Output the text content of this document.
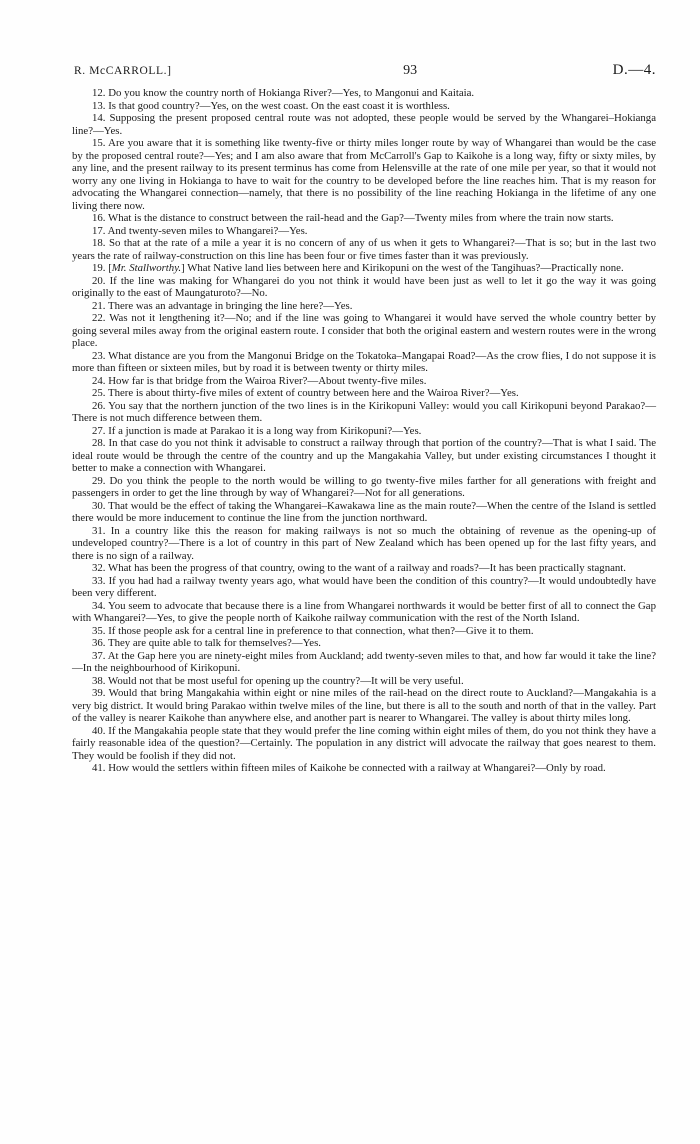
R. McCARROLL.]	93	D.—4.

12. Do you know the country north of Hokianga River?—Yes, to Mangonui and Kaitaia.

13. Is that good country?—Yes, on the west coast. On the east coast it is worthless.

14. Supposing the present proposed central route was not adopted, these people would be served by the Whangarei–Hokianga line?—Yes.

15. Are you aware that it is something like twenty-five or thirty miles longer route by way of Whangarei than would be the case by the proposed central route?—Yes; and I am also aware that from McCarroll's Gap to Kaikohe is a long way, fifty or sixty miles, by any line, and the present railway to its present terminus has come from Helensville at the rate of one mile per year, so that it would not worry any one living in Hokianga to have to wait for the country to be developed before the line reaches him. That is my reason for advocating the Whangarei connection—namely, that there is no possibility of the line reaching Hokianga in the lifetime of any one living there now.

16. What is the distance to construct between the rail-head and the Gap?—Twenty miles from where the train now starts.

17. And twenty-seven miles to Whangarei?—Yes.

18. So that at the rate of a mile a year it is no concern of any of us when it gets to Whangarei?—That is so; but in the last two years the rate of railway-construction on this line has been four or five times faster than it was previously.

19. [Mr. Stallworthy.] What Native land lies between here and Kirikopuni on the west of the Tangihuas?—Practically none.

20. If the line was making for Whangarei do you not think it would have been just as well to let it go the way it was going originally to the east of Maungaturoto?—No.

21. There was an advantage in bringing the line here?—Yes.

22. Was not it lengthening it?—No; and if the line was going to Whangarei it would have served the whole country better by going several miles away from the original eastern route. I consider that both the original eastern and western routes were in the wrong place.

23. What distance are you from the Mangonui Bridge on the Tokatoka–Mangapai Road?—As the crow flies, I do not suppose it is more than fifteen or sixteen miles, but by road it is between twenty or thirty miles.

24. How far is that bridge from the Wairoa River?—About twenty-five miles.

25. There is about thirty-five miles of extent of country between here and the Wairoa River?—Yes.

26. You say that the northern junction of the two lines is in the Kirikopuni Valley: would you call Kirikopuni beyond Parakao?—There is not much difference between them.

27. If a junction is made at Parakao it is a long way from Kirikopuni?—Yes.

28. In that case do you not think it advisable to construct a railway through that portion of the country?—That is what I said. The ideal route would be through the centre of the country and up the Mangakahia Valley, but under existing circumstances I thought it better to make a connection with Whangarei.

29. Do you think the people to the north would be willing to go twenty-five miles farther for all generations with freight and passengers in order to get the line through by way of Whangarei?—Not for all generations.

30. That would be the effect of taking the Whangarei–Kawakawa line as the main route?—When the centre of the Island is settled there would be more inducement to continue the line from the junction northward.

31. In a country like this the reason for making railways is not so much the obtaining of revenue as the opening-up of undeveloped country?—There is a lot of country in this part of New Zealand which has been opened up for the last fifty years, and there is no sign of a railway.

32. What has been the progress of that country, owing to the want of a railway and roads?—It has been practically stagnant.

33. If you had had a railway twenty years ago, what would have been the condition of this country?—It would undoubtedly have been very different.

34. You seem to advocate that because there is a line from Whangarei northwards it would be better first of all to connect the Gap with Whangarei?—Yes, to give the people north of Kaikohe railway communication with the rest of the North Island.

35. If those people ask for a central line in preference to that connection, what then?—Give it to them.

36. They are quite able to talk for themselves?—Yes.

37. At the Gap here you are ninety-eight miles from Auckland; add twenty-seven miles to that, and how far would it take the line?—In the neighbourhood of Kirikopuni.

38. Would not that be most useful for opening up the country?—It will be very useful.

39. Would that bring Mangakahia within eight or nine miles of the rail-head on the direct route to Auckland?—Mangakahia is a very big district. It would bring Parakao within twelve miles of the line, but there is all to the south and north of that in the valley. Part of the valley is nearer Kaikohe than anywhere else, and another part is nearer to Whangarei. The valley is about thirty miles long.

40. If the Mangakahia people state that they would prefer the line coming within eight miles of them, do you not think they have a fairly reasonable idea of the question?—Certainly. The population in any district will advocate the railway that goes nearest to them. They would be foolish if they did not.

41. How would the settlers within fifteen miles of Kaikohe be connected with a railway at Whangarei?—Only by road.
